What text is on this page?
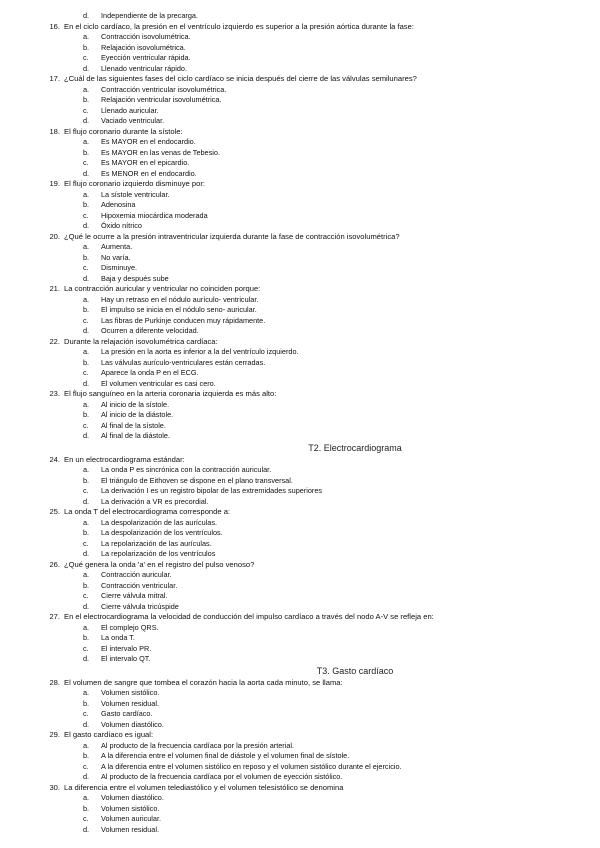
d. Independiente de la precarga.
16. En el ciclo cardíaco, la presión en el ventrículo izquierdo es superior a la presión aórtica durante la fase:
a. Contracción isovolumétrica.
b. Relajación isovolumétrica.
c. Eyección ventricular rápida.
d. Llenado ventricular rápido.
17. ¿Cuál de las siguientes fases del ciclo cardíaco se inicia después del cierre de las válvulas semilunares?
a. Contracción ventricular isovolumétrica.
b. Relajación ventricular isovolumétrica.
c. Llenado auricular.
d. Vaciado ventricular.
18. El flujo coronario durante la sístole:
a. Es MAYOR en el endocardio.
b. Es MAYOR en las venas de Tebesio.
c. Es MAYOR en el epicardio.
d. Es MENOR en el endocardio.
19. El flujo coronario izquierdo disminuye por:
a. La sístole ventricular.
b. Adenosina
c. Hipoxemia miocárdica moderada
d. Óxido nítrico
20. ¿Qué le ocurre a la presión intraventricular izquierda durante la fase de contracción isovolumétrica?
a. Aumenta.
b. No varía.
c. Disminuye.
d. Baja y después sube
21. La contracción auricular y ventricular no coinciden porque:
a. Hay un retraso en el nódulo aurículo- ventricular.
b. El impulso se inicia en el nódulo seno- auricular.
c. Las fibras de Purkinje conducen muy rápidamente.
d. Ocurren a diferente velocidad.
22. Durante la relajación isovolumétrica cardíaca:
a. La presión en la aorta es inferior a la del ventrículo izquierdo.
b. Las válvulas aurículo-ventriculares están cerradas.
c. Aparece la onda P en el ECG.
d. El volumen ventricular es casi cero.
23. El flujo sanguíneo en la arteria coronaria izquierda es más alto:
a. Al inicio de la sístole.
b. Al inicio de la diástole.
c. Al final de la sístole.
d. Al final de la diástole.
T2. Electrocardiograma
24. En un electrocardiograma estándar:
a. La onda P es sincrónica con la contracción auricular.
b. El triángulo de Eithoven se dispone en el plano transversal.
c. La derivación I es un registro bipolar de las extremidades superiores
d. La derivación a VR es precordial.
25. La onda T del electrocardiograma corresponde a:
a. La despolarización de las aurículas.
b. La despolarización de los ventrículos.
c. La repolarización de las aurículas.
d. La repolarización de los ventrículos
26. ¿Qué genera la onda 'a' en el registro del pulso venoso?
a. Contracción auricular.
b. Contracción ventricular.
c. Cierre válvula mitral.
d. Cierre válvula tricúspide
27. En el electrocardiograma la velocidad de conducción del impulso cardíaco a través del nodo A-V se refleja en:
a. El complejo QRS.
b. La onda T.
c. El intervalo PR.
d. El intervalo QT.
T3. Gasto cardíaco
28. El volumen de sangre que tombea el corazón hacia la aorta cada minuto, se llama:
a. Volumen sistólico.
b. Volumen residual.
c. Gasto cardíaco.
d. Volumen diastólico.
29. El gasto cardíaco es igual:
a. Al producto de la frecuencia cardíaca por la presión arterial.
b. A la diferencia entre el volumen final de diástole y el volumen final de sístole.
c. A la diferencia entre el volumen sistólico en reposo y el volumen sistólico durante el ejercicio.
d. Al producto de la frecuencia cardíaca por el volumen de eyección sistólico.
30. La diferencia entre el volumen telediastólico y el volumen telesistólico se denomina
a. Volumen diastólico.
b. Volumen sistólico.
c. Volumen auricular.
d. Volumen residual.
